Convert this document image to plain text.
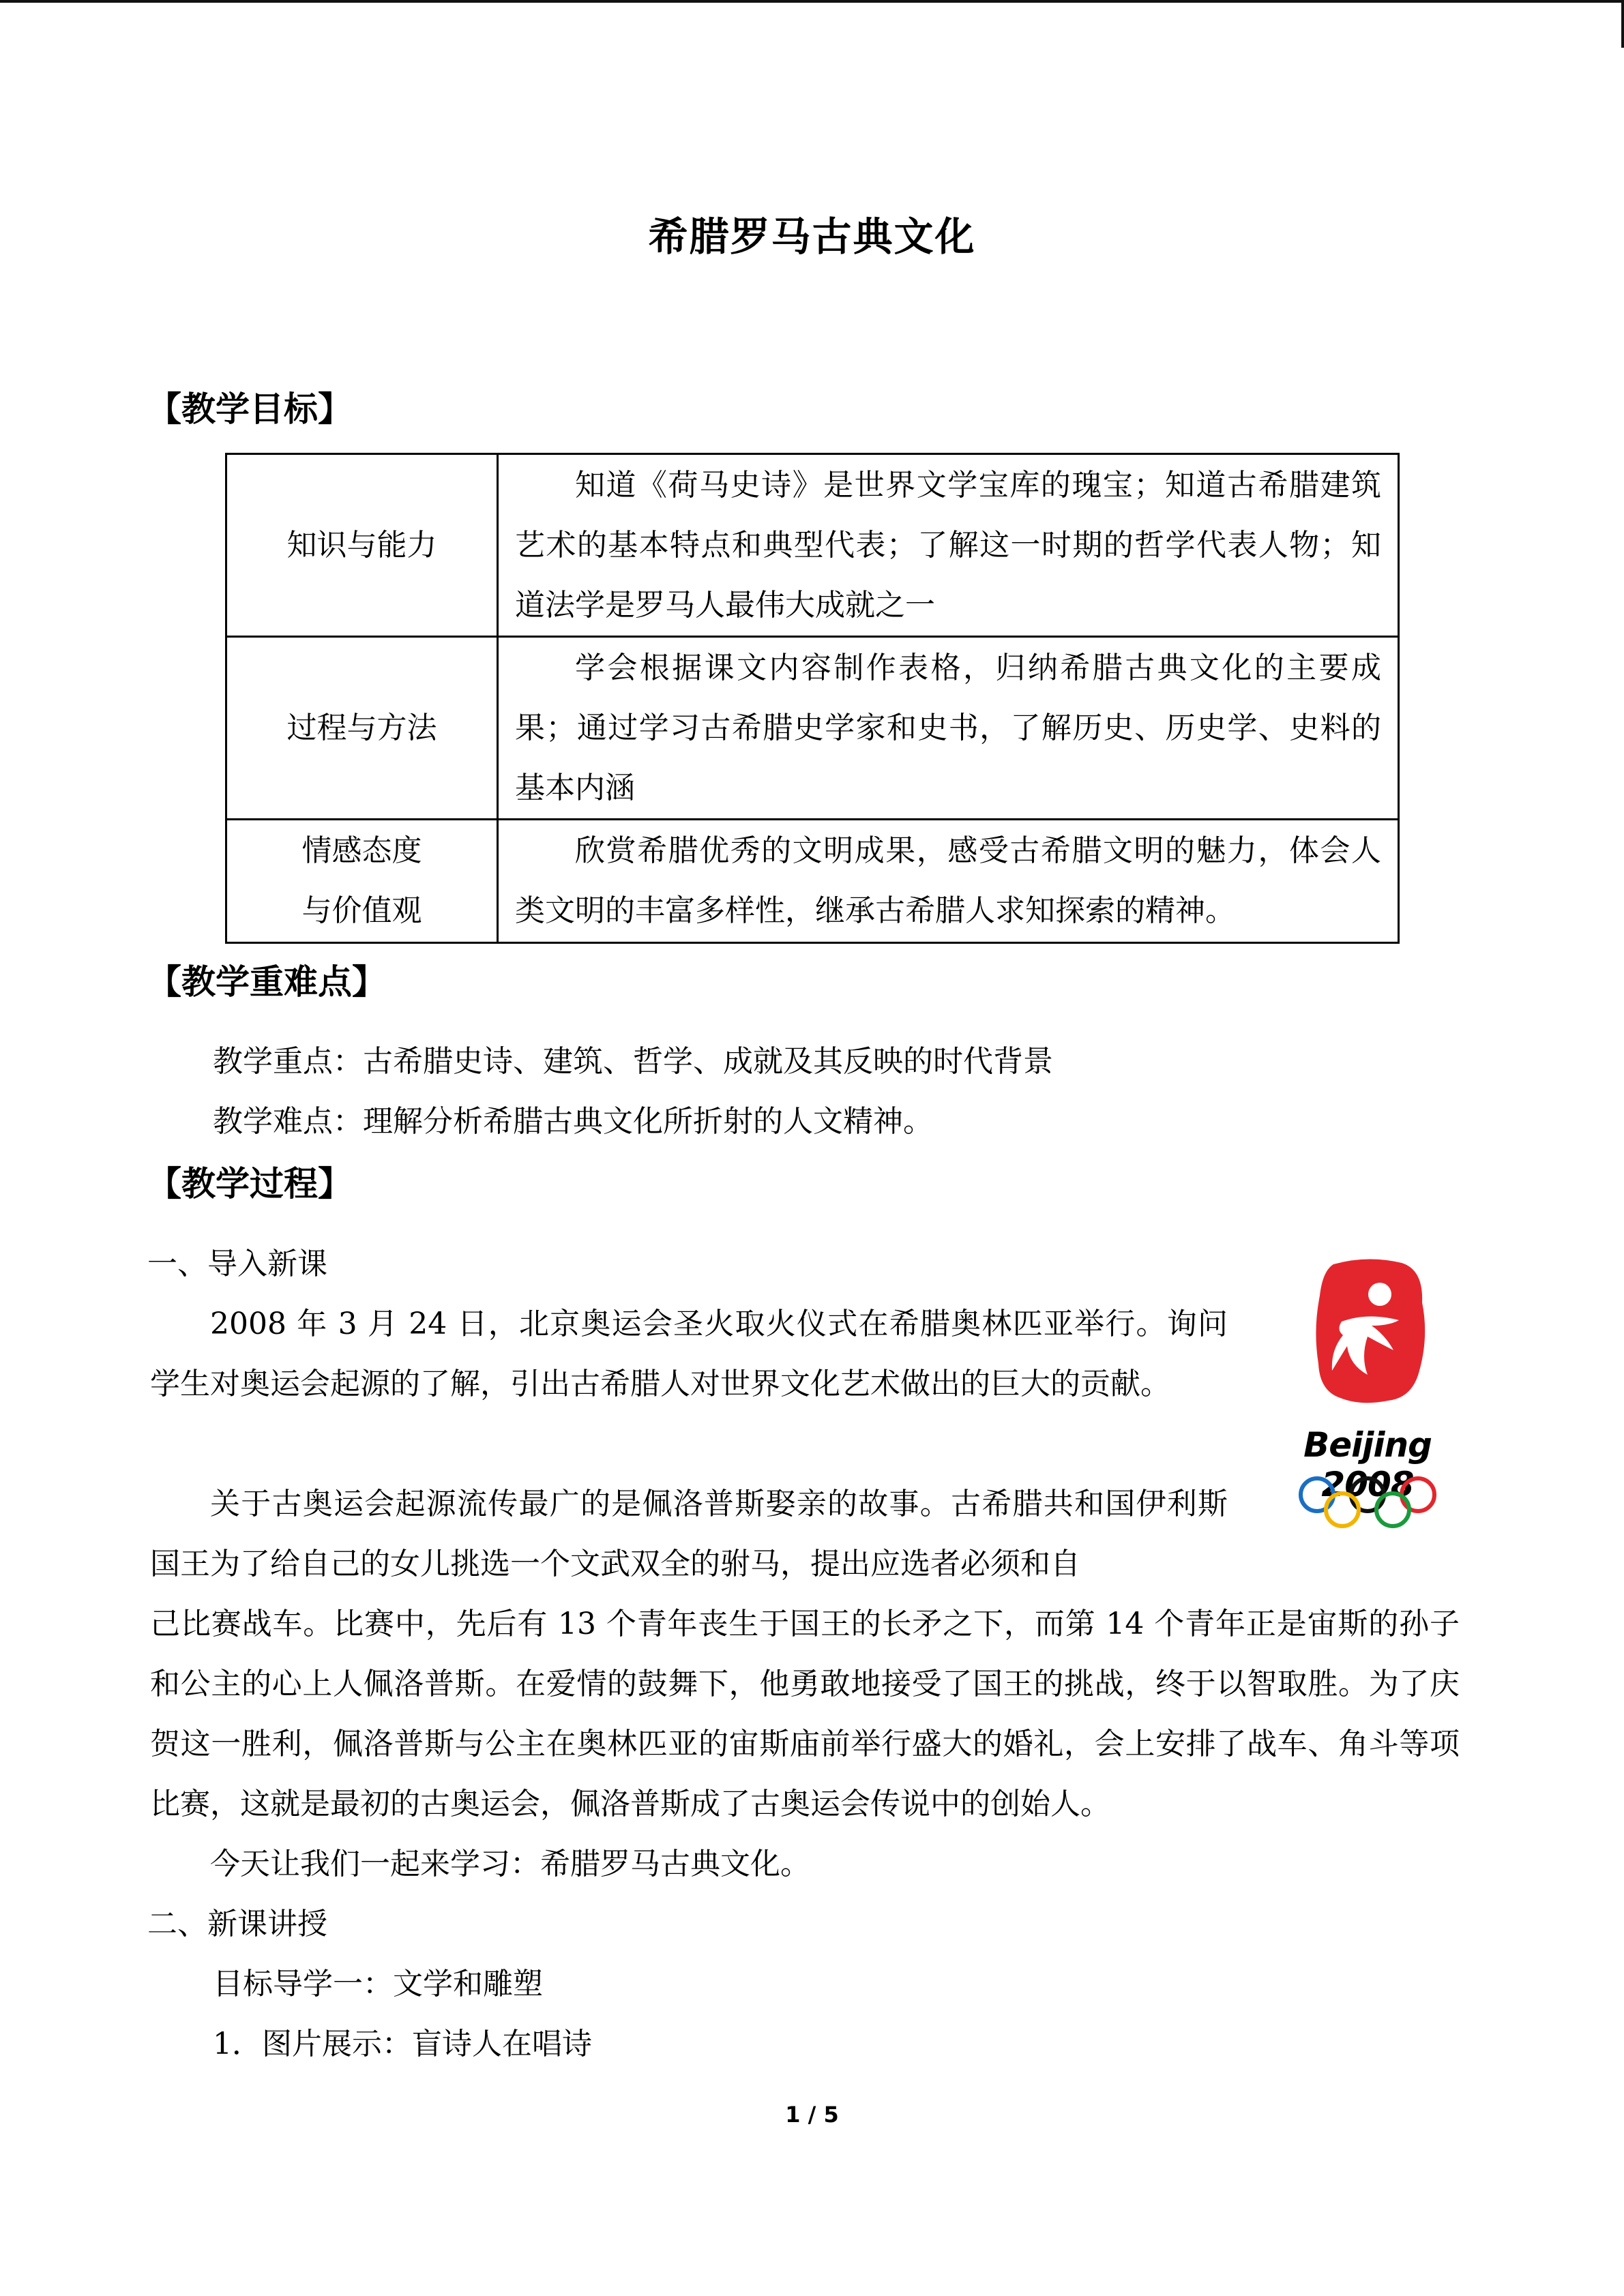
希腊罗马古典文化
【教学目标】
知识与能力	知道《荷马史诗》是世界文学宝库的瑰宝；知道古希腊建筑艺术的基本特点和典型代表；了解这一时期的哲学代表人物；知道法学是罗马人最伟大成就之一
过程与方法	学会根据课文内容制作表格，归纳希腊古典文化的主要成果；通过学习古希腊史学家和史书，了解历史、历史学、史料的基本内涵

情感态度
与价值观	欣赏希腊优秀的文明成果，感受古希腊文明的魅力，体会人类文明的丰富多样性，继承古希腊人求知探索的精神。
【教学重难点】
教学重点：古希腊史诗、建筑、哲学、成就及其反映的时代背景
教学难点：理解分析希腊古典文化所折射的人文精神。
【教学过程】
一、导入新课
2008 年 3 月 24 日，北京奥运会圣火取火仪式在希腊奥林匹亚举行。询问学生对奥运会起源的了解，引出古希腊人对世界文化艺术做出的巨大的贡献。
关于古奥运会起源流传最广的是佩洛普斯娶亲的故事。古希腊共和国伊利斯国王为了给自己的女儿挑选一个文武双全的驸马，提出应选者必须和自
己比赛战车。比赛中，先后有 13 个青年丧生于国王的长矛之下，而第 14 个青年正是宙斯的孙子和公主的心上人佩洛普斯。在爱情的鼓舞下，他勇敢地接受了国王的挑战，终于以智取胜。为了庆贺这一胜利，佩洛普斯与公主在奥林匹亚的宙斯庙前举行盛大的婚礼，会上安排了战车、角斗等项比赛，这就是最初的古奥运会，佩洛普斯成了古奥运会传说中的创始人。
今天让我们一起来学习：希腊罗马古典文化。
二、新课讲授
目标导学一：文学和雕塑
1．图片展示：盲诗人在唱诗
Beijing 2008
1 / 5
